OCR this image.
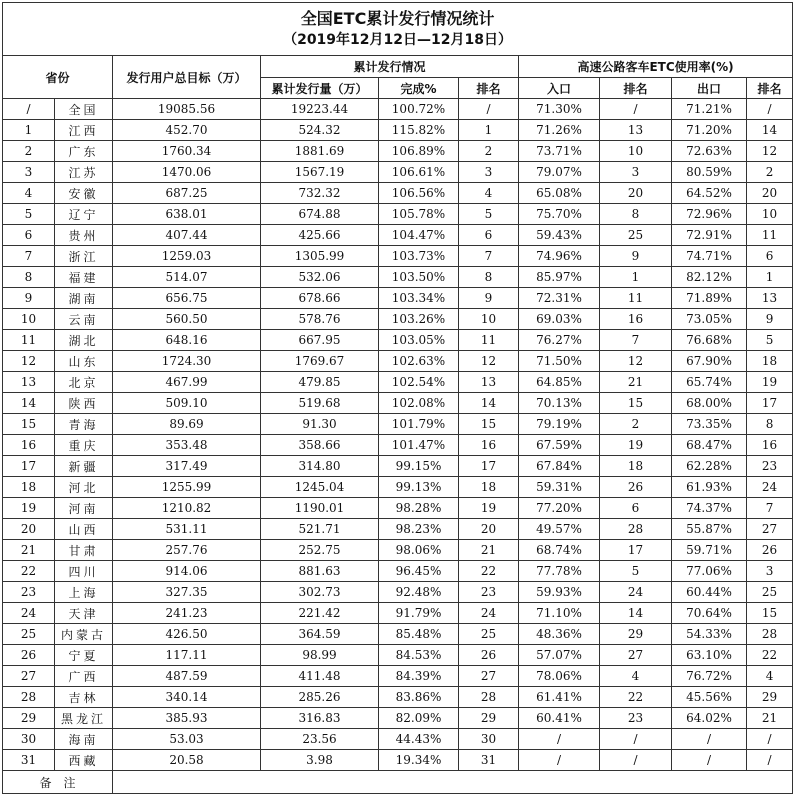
全国ETC累计发行情况统计
（2019年12月12日—12月18日）									

省份		发行用户总目标（万）	累计发行情况			高速公路客车ETC使用率(%)			
			累计发行量（万）	完成%	排名	入口	排名	出口	排名
/	全国	19085.56	19223.44	100.72%	/	71.30%	/	71.21%	/
1	江西	452.70	524.32	115.82%	1	71.26%	13	71.20%	14
2	广东	1760.34	1881.69	106.89%	2	73.71%	10	72.63%	12
3	江苏	1470.06	1567.19	106.61%	3	79.07%	3	80.59%	2
4	安徽	687.25	732.32	106.56%	4	65.08%	20	64.52%	20
5	辽宁	638.01	674.88	105.78%	5	75.70%	8	72.96%	10
6	贵州	407.44	425.66	104.47%	6	59.43%	25	72.91%	11
7	浙江	1259.03	1305.99	103.73%	7	74.96%	9	74.71%	6
8	福建	514.07	532.06	103.50%	8	85.97%	1	82.12%	1
9	湖南	656.75	678.66	103.34%	9	72.31%	11	71.89%	13
10	云南	560.50	578.76	103.26%	10	69.03%	16	73.05%	9
11	湖北	648.16	667.95	103.05%	11	76.27%	7	76.68%	5
12	山东	1724.30	1769.67	102.63%	12	71.50%	12	67.90%	18
13	北京	467.99	479.85	102.54%	13	64.85%	21	65.74%	19
14	陕西	509.10	519.68	102.08%	14	70.13%	15	68.00%	17
15	青海	89.69	91.30	101.79%	15	79.19%	2	73.35%	8
16	重庆	353.48	358.66	101.47%	16	67.59%	19	68.47%	16
17	新疆	317.49	314.80	99.15%	17	67.84%	18	62.28%	23
18	河北	1255.99	1245.04	99.13%	18	59.31%	26	61.93%	24
19	河南	1210.82	1190.01	98.28%	19	77.20%	6	74.37%	7
20	山西	531.11	521.71	98.23%	20	49.57%	28	55.87%	27
21	甘肃	257.76	252.75	98.06%	21	68.74%	17	59.71%	26
22	四川	914.06	881.63	96.45%	22	77.78%	5	77.06%	3
23	上海	327.35	302.73	92.48%	23	59.93%	24	60.44%	25
24	天津	241.23	221.42	91.79%	24	71.10%	14	70.64%	15
25	内蒙古	426.50	364.59	85.48%	25	48.36%	29	54.33%	28
26	宁夏	117.11	98.99	84.53%	26	57.07%	27	63.10%	22
27	广西	487.59	411.48	84.39%	27	78.06%	4	76.72%	4
28	吉林	340.14	285.26	83.86%	28	61.41%	22	45.56%	29
29	黑龙江	385.93	316.83	82.09%	29	60.41%	23	64.02%	21
30	海南	53.03	23.56	44.43%	30	/	/	/	/
31	西藏	20.58	3.98	19.34%	31	/	/	/	/
备　注									
